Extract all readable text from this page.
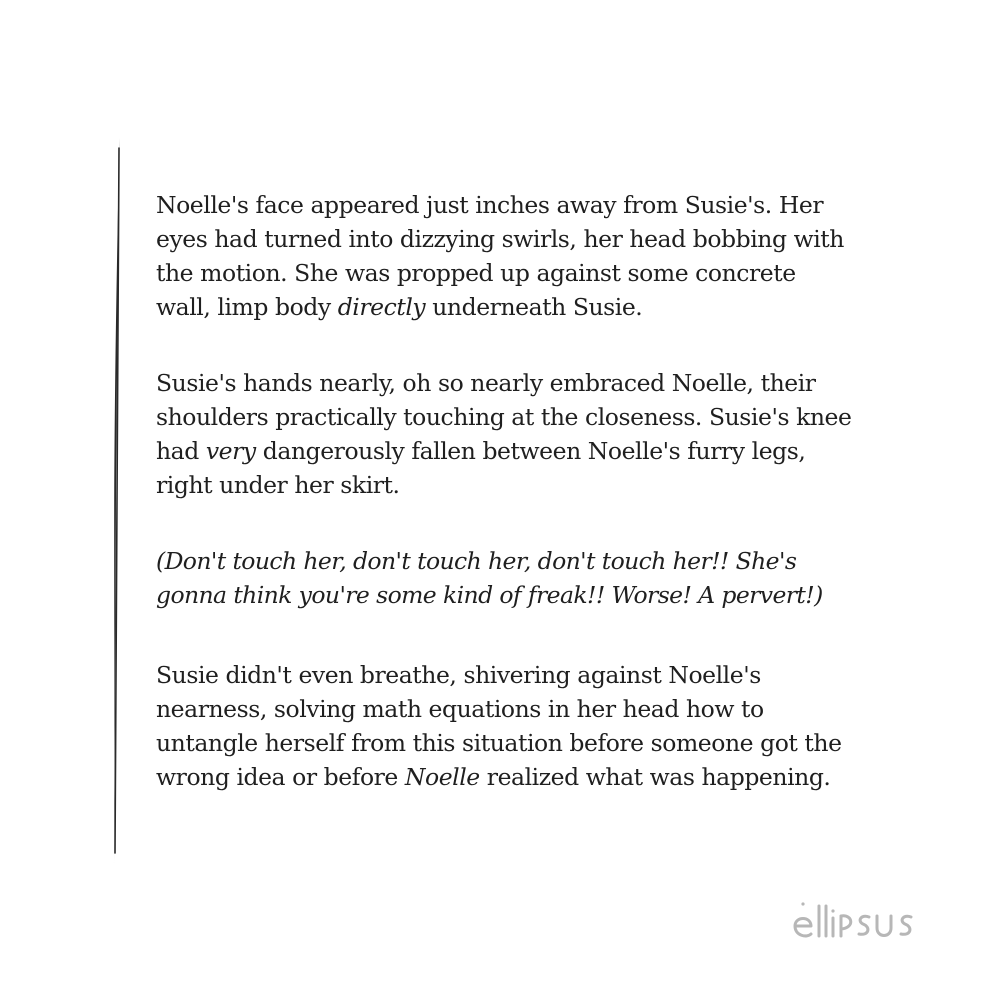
Noelle's face appeared just inches away from Susie's. Her
eyes had turned into dizzying swirls, her head bobbing with
the motion. She was propped up against some concrete
wall, limp body directly underneath Susie.

Susie's hands nearly, oh so nearly embraced Noelle, their
shoulders practically touching at the closeness. Susie's knee
had very dangerously fallen between Noelle's furry legs,
right under her skirt.

(Don't touch her, don't touch her, don't touch her!! She's
gonna think you're some kind of freak!! Worse! A pervert!)

Susie didn't even breathe, shivering against Noelle's
nearness, solving math equations in her head how to
untangle herself from this situation before someone got the
wrong idea or before Noelle realized what was happening.
